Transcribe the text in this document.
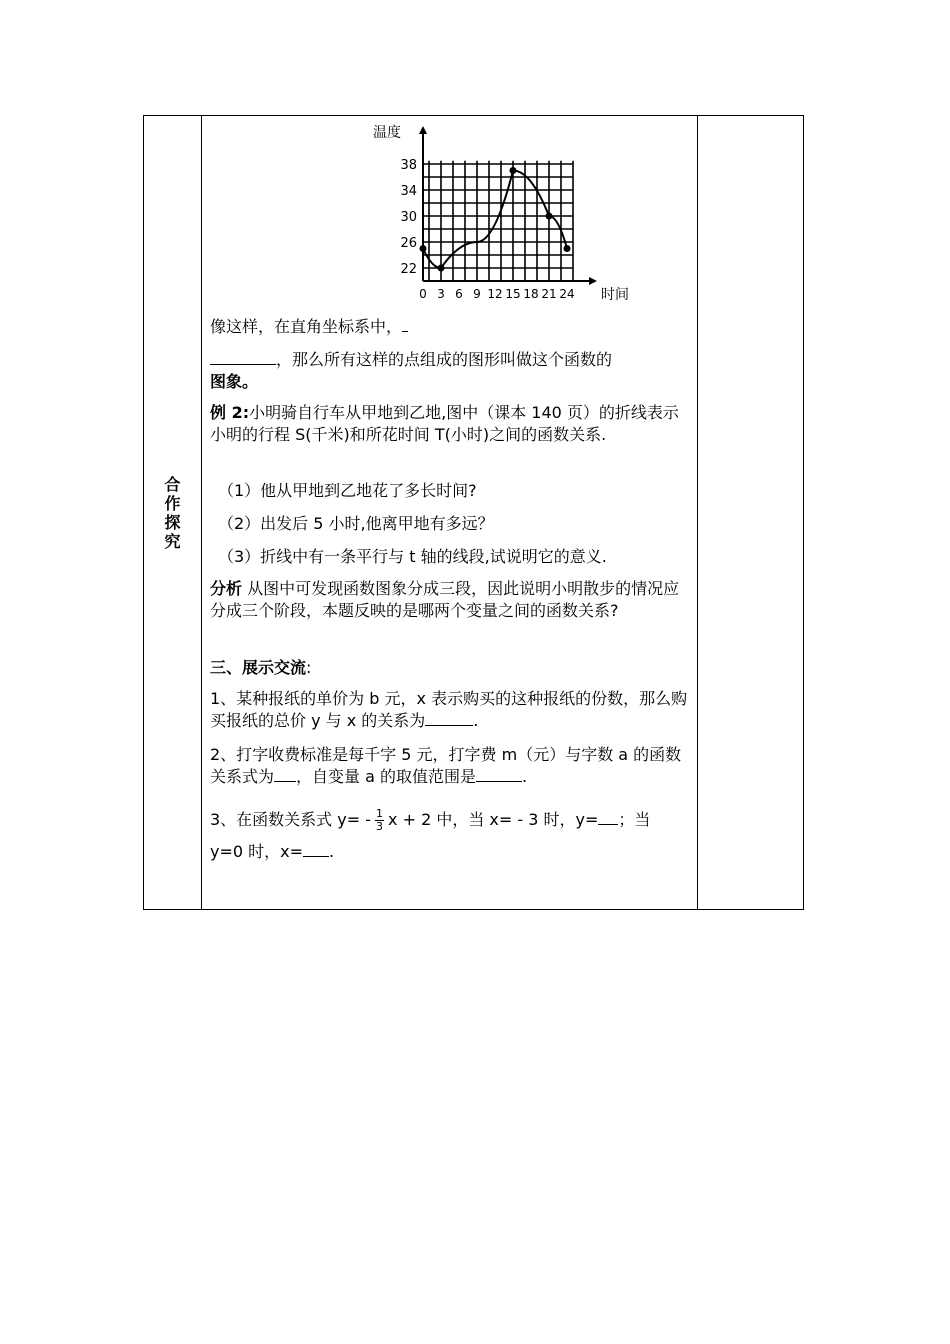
合作探究
温度
时间
22
26
30
34
38
0 3 6 9 12 15 18 21 24
像这样，在直角坐标系中，
，那么所有这样的点组成的图形叫做这个函数的
图象。
例 2:小明骑自行车从甲地到乙地,图中（课本 140 页）的折线表示小明的行程 S(千米)和所花时间 T(小时)之间的函数关系.
（1）他从甲地到乙地花了多长时间?
（2）出发后 5 小时,他离甲地有多远？
（3）折线中有一条平行与 t 轴的线段,试说明它的意义.
分析 从图中可发现函数图象分成三段，因此说明小明散步的情况应分成三个阶段，本题反映的是哪两个变量之间的函数关系?
三、展示交流:
1、某种报纸的单价为 b 元，x 表示购买的这种报纸的份数，那么购买报纸的总价 y 与 x 的关系为	.
2、打字收费标准是每千字 5 元，打字费 m（元）与字数 a 的函数关系式为 ，自变量 a 的取值范围是	.
3、在函数关系式 $y= - \frac{1}{3}$ x + 2 中，当 x= - 3 时，y= ；当
y=0 时，x= .
